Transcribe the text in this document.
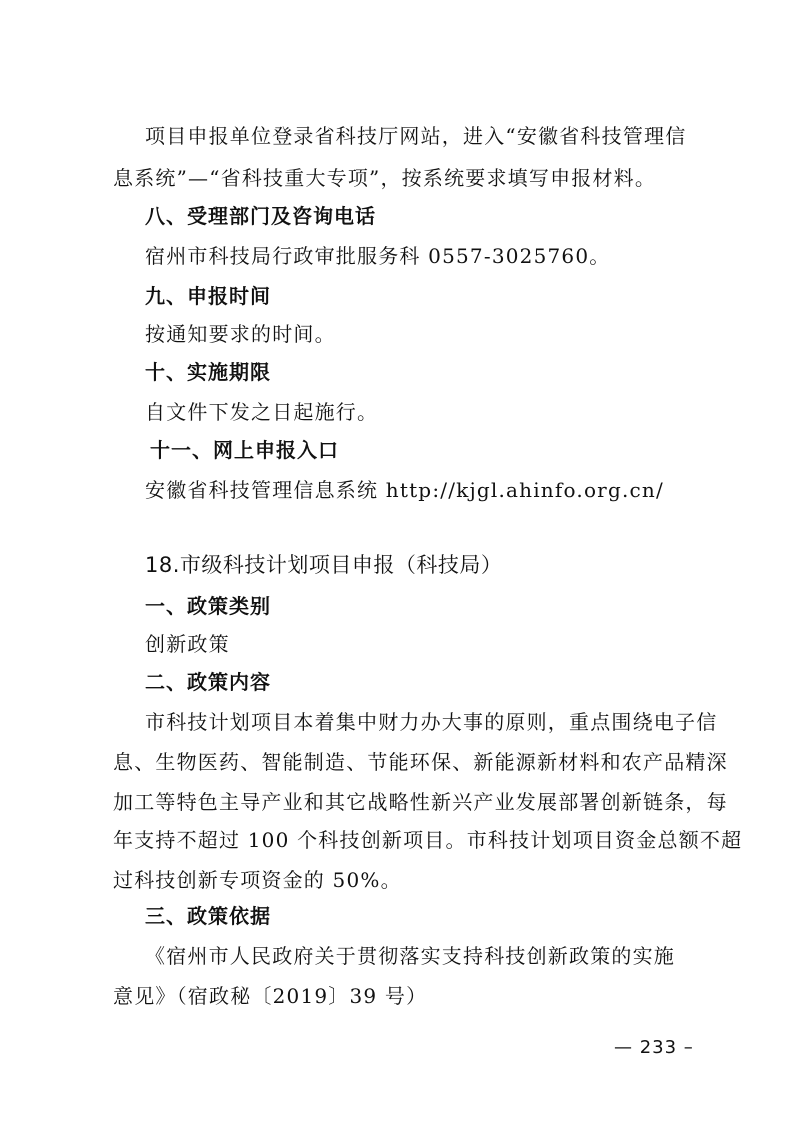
项目申报单位登录省科技厅网站，进入“安徽省科技管理信
息系统”—“省科技重大专项”，按系统要求填写申报材料。
八、受理部门及咨询电话
宿州市科技局行政审批服务科 0557-3025760。
九、申报时间
按通知要求的时间。
十、实施期限
自文件下发之日起施行。
十一、网上申报入口
安徽省科技管理信息系统 http://kjgl.ahinfo.org.cn/
18.市级科技计划项目申报（科技局）
一、政策类别
创新政策
二、政策内容
市科技计划项目本着集中财力办大事的原则，重点围绕电子信
息、生物医药、智能制造、节能环保、新能源新材料和农产品精深
加工等特色主导产业和其它战略性新兴产业发展部署创新链条，每
年支持不超过 100 个科技创新项目。市科技计划项目资金总额不超
过科技创新专项资金的 50%。
三、政策依据
《宿州市人民政府关于贯彻落实支持科技创新政策的实施
意见》（宿政秘〔2019〕39 号）
— 233 –
